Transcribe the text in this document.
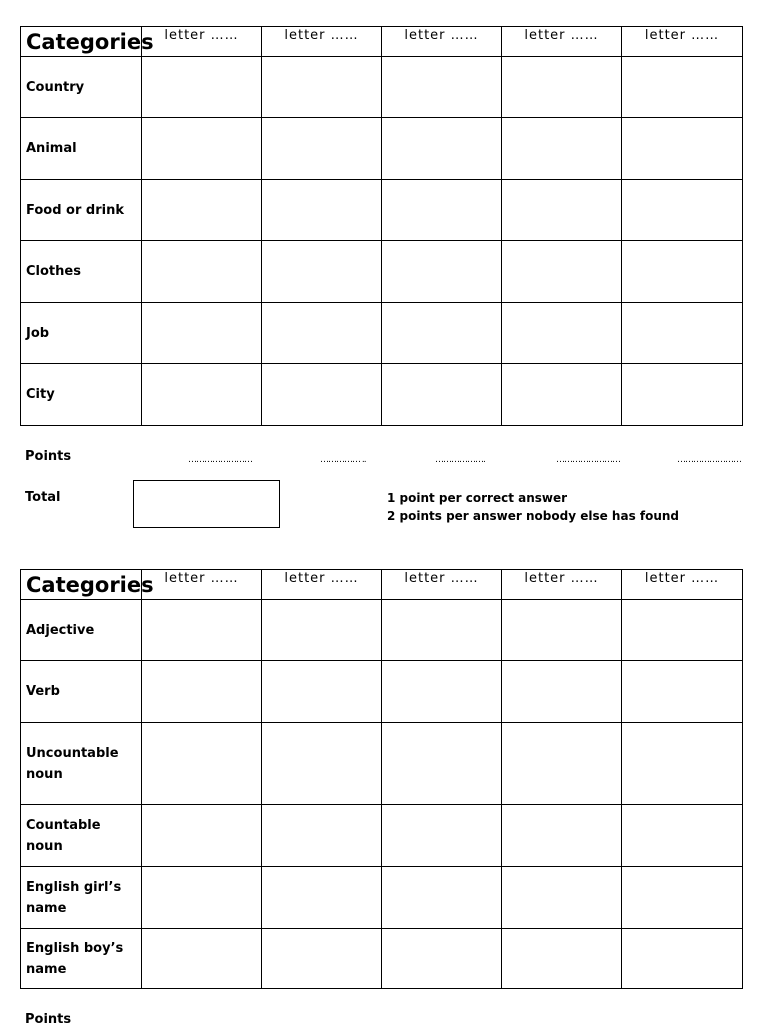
Categories	letter ……	letter ……	letter ……	letter ……	letter ……
Country					
Animal					
Food or drink					
Clothes					
Job					
City					
Points	……………………	…………… ..	……………….	……………………	……………………
Total	1 point per correct answer
2 points per answer nobody else has found
Categories	letter ……	letter ……	letter ……	letter ……	letter ……
Adjective					
Verb					
Uncountable noun					
Countable noun					
English girl’s name					
English boy’s name					
Points
